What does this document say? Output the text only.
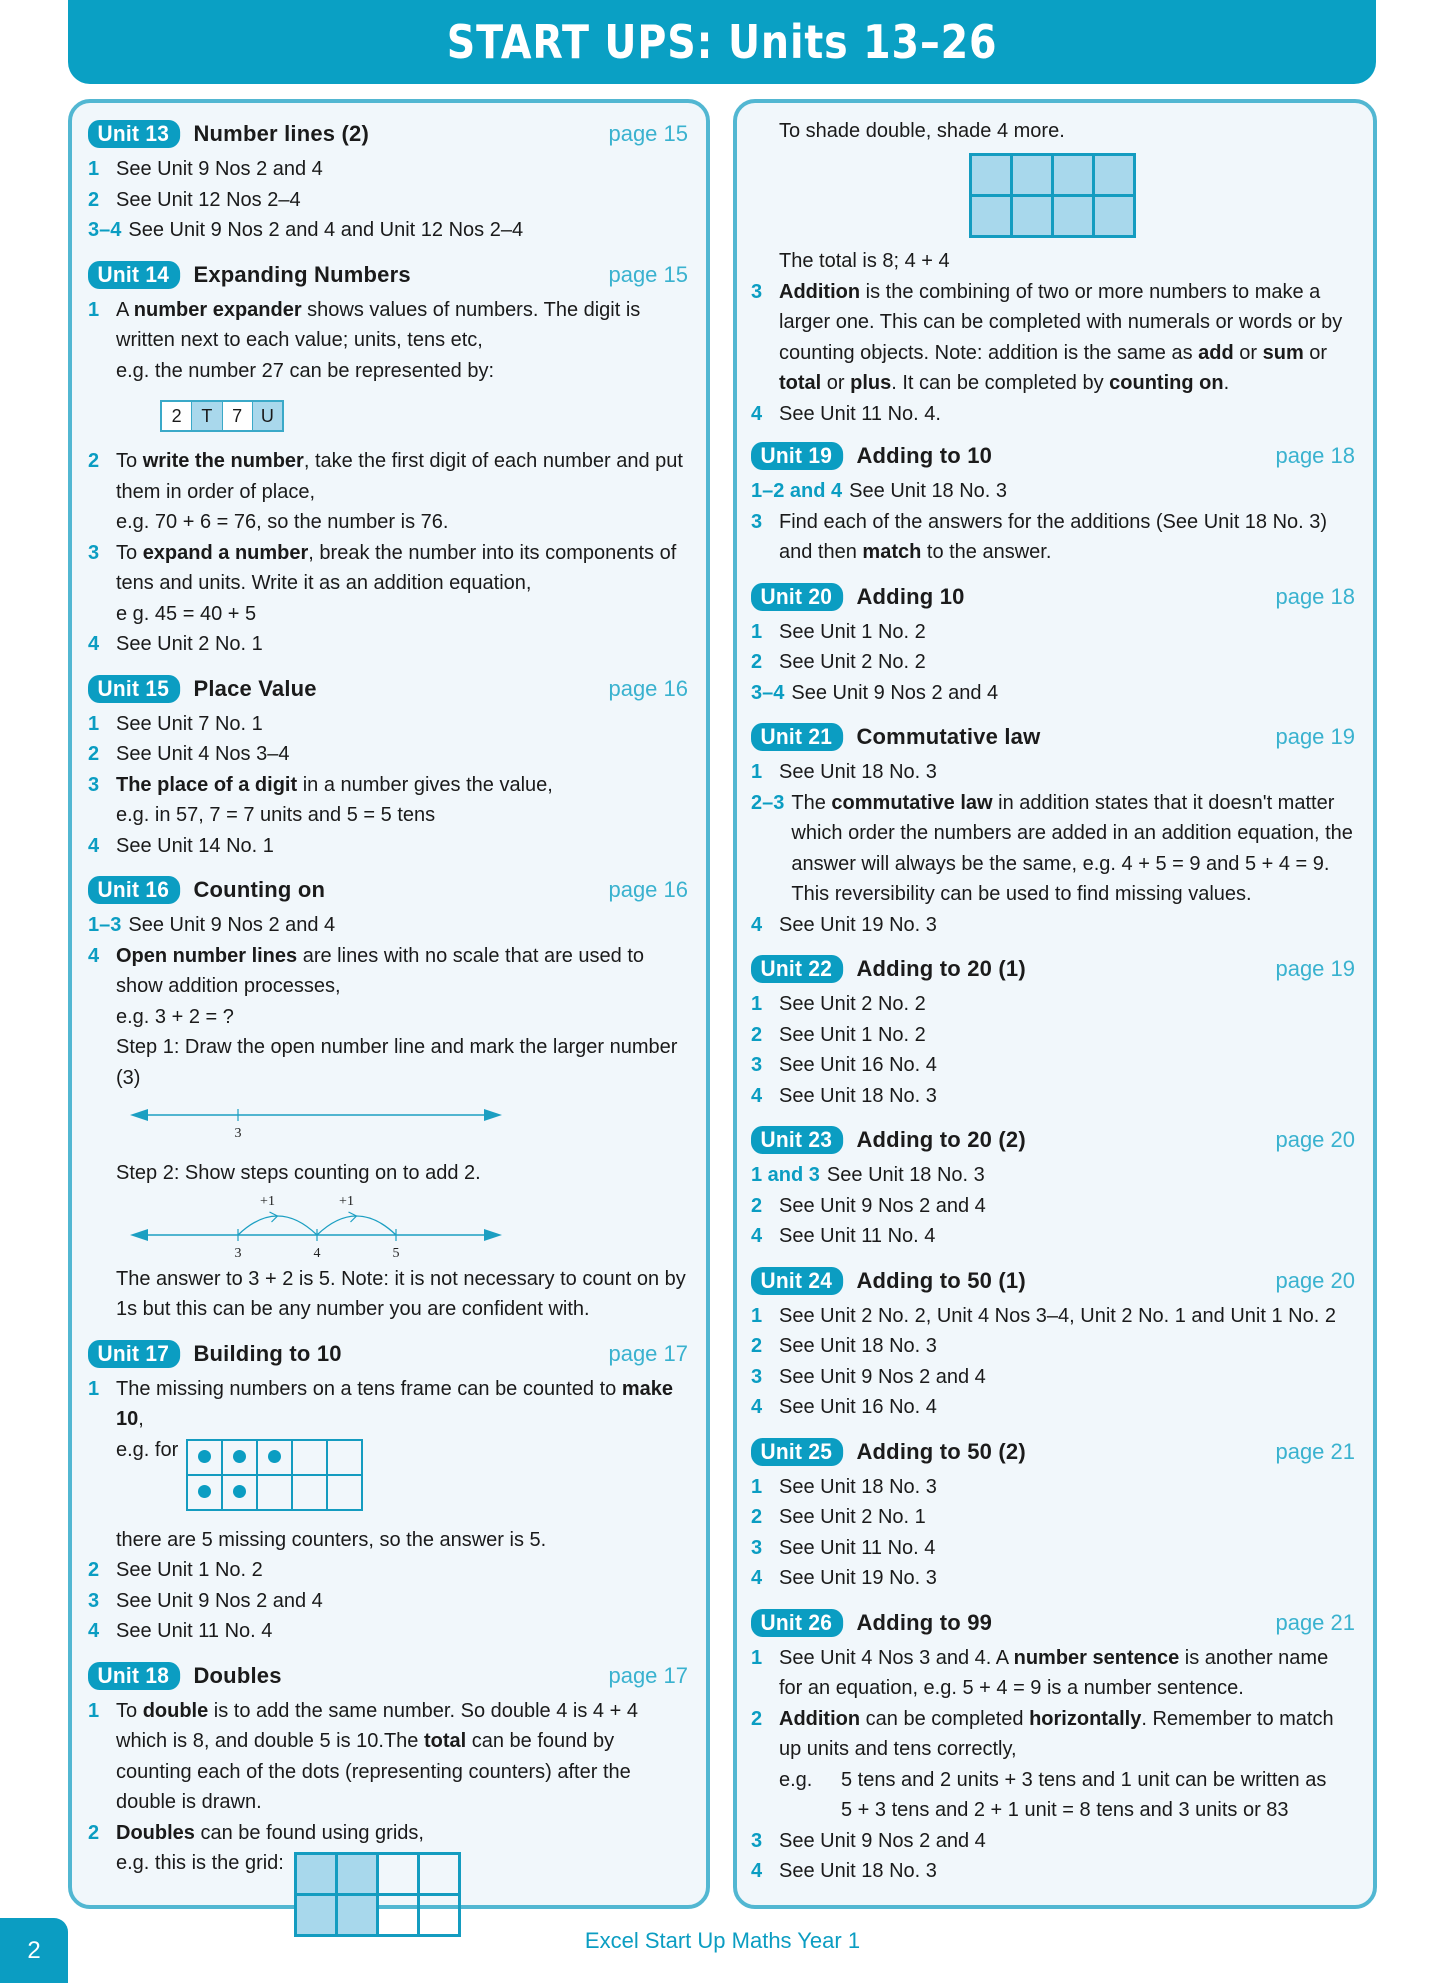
START UPS: Units 13–26
Unit 13	Number lines (2)	page 15
1 See Unit 9 Nos 2 and 4
2 See Unit 12 Nos 2–4
3–4 See Unit 9 Nos 2 and 4 and Unit 12 Nos 2–4
Unit 14	Expanding Numbers	page 15
1 A number expander shows values of numbers. The digit is written next to each value; units, tens etc,
e.g. the number 27 can be represented by:
2	T	7	U
2 To write the number, take the first digit of each number and put them in order of place,
e.g. 70 + 6 = 76, so the number is 76.
3 To expand a number, break the number into its components of tens and units. Write it as an addition equation,
e g. 45 = 40 + 5
4 See Unit 2 No. 1
Unit 15	Place Value	page 16
1 See Unit 7 No. 1
2 See Unit 4 Nos 3–4
3 The place of a digit in a number gives the value,
e.g. in 57, 7 = 7 units and 5 = 5 tens
4 See Unit 14 No. 1
Unit 16	Counting on	page 16
1–3 See Unit 9 Nos 2 and 4
4 Open number lines are lines with no scale that are used to show addition processes,
e.g. 3 + 2 = ?
Step 1: Draw the open number line and mark the larger number (3)
3
Step 2: Show steps counting on to add 2.
3	4	5
+1	+1
The answer to 3 + 2 is 5. Note: it is not necessary to count on by 1s but this can be any number you are confident with.
Unit 17	Building to 10	page 17
1 The missing numbers on a tens frame can be counted to make 10,
e.g. for

there are 5 missing counters, so the answer is 5.
2 See Unit 1 No. 2
3 See Unit 9 Nos 2 and 4
4 See Unit 11 No. 4
Unit 18	Doubles	page 17
1 To double is to add the same number. So double 4 is 4 + 4 which is 8, and double 5 is 10.The total can be found by counting each of the dots (representing counters) after the double is drawn.
2 Doubles can be found using grids,
e.g. this is the grid:

To shade double, shade 4 more.

The total is 8; 4 + 4
3 Addition is the combining of two or more numbers to make a larger one. This can be completed with numerals or words or by counting objects. Note: addition is the same as add or sum or total or plus. It can be completed by counting on.
4 See Unit 11 No. 4.
Unit 19	Adding to 10	page 18
1–2 and 4 See Unit 18 No. 3
3 Find each of the answers for the additions (See Unit 18 No. 3) and then match to the answer.
Unit 20	Adding 10	page 18
1 See Unit 1 No. 2
2 See Unit 2 No. 2
3–4 See Unit 9 Nos 2 and 4
Unit 21	Commutative law	page 19
1 See Unit 18 No. 3
2–3 The commutative law in addition states that it doesn't matter which order the numbers are added in an addition equation, the answer will always be the same, e.g. 4 + 5 = 9 and 5 + 4 = 9. This reversibility can be used to find missing values.
4 See Unit 19 No. 3
Unit 22	Adding to 20 (1)	page 19
1 See Unit 2 No. 2
2 See Unit 1 No. 2
3 See Unit 16 No. 4
4 See Unit 18 No. 3
Unit 23	Adding to 20 (2)	page 20
1 and 3 See Unit 18 No. 3
2 See Unit 9 Nos 2 and 4
4 See Unit 11 No. 4
Unit 24	Adding to 50 (1)	page 20
1 See Unit 2 No. 2, Unit 4 Nos 3–4, Unit 2 No. 1 and Unit 1 No. 2
2 See Unit 18 No. 3
3 See Unit 9 Nos 2 and 4
4 See Unit 16 No. 4
Unit 25	Adding to 50 (2)	page 21
1 See Unit 18 No. 3
2 See Unit 2 No. 1
3 See Unit 11 No. 4
4 See Unit 19 No. 3
Unit 26	Adding to 99	page 21
1 See Unit 4 Nos 3 and 4. A number sentence is another name for an equation, e.g. 5 + 4 = 9 is a number sentence.
2 Addition can be completed horizontally. Remember to match up units and tens correctly,
e.g.	5 tens and 2 units + 3 tens and 1 unit can be written as
5 + 3 tens and 2 + 1 unit = 8 tens and 3 units or 83
3 See Unit 9 Nos 2 and 4
4 See Unit 18 No. 3
2	Excel Start Up Maths Year 1
